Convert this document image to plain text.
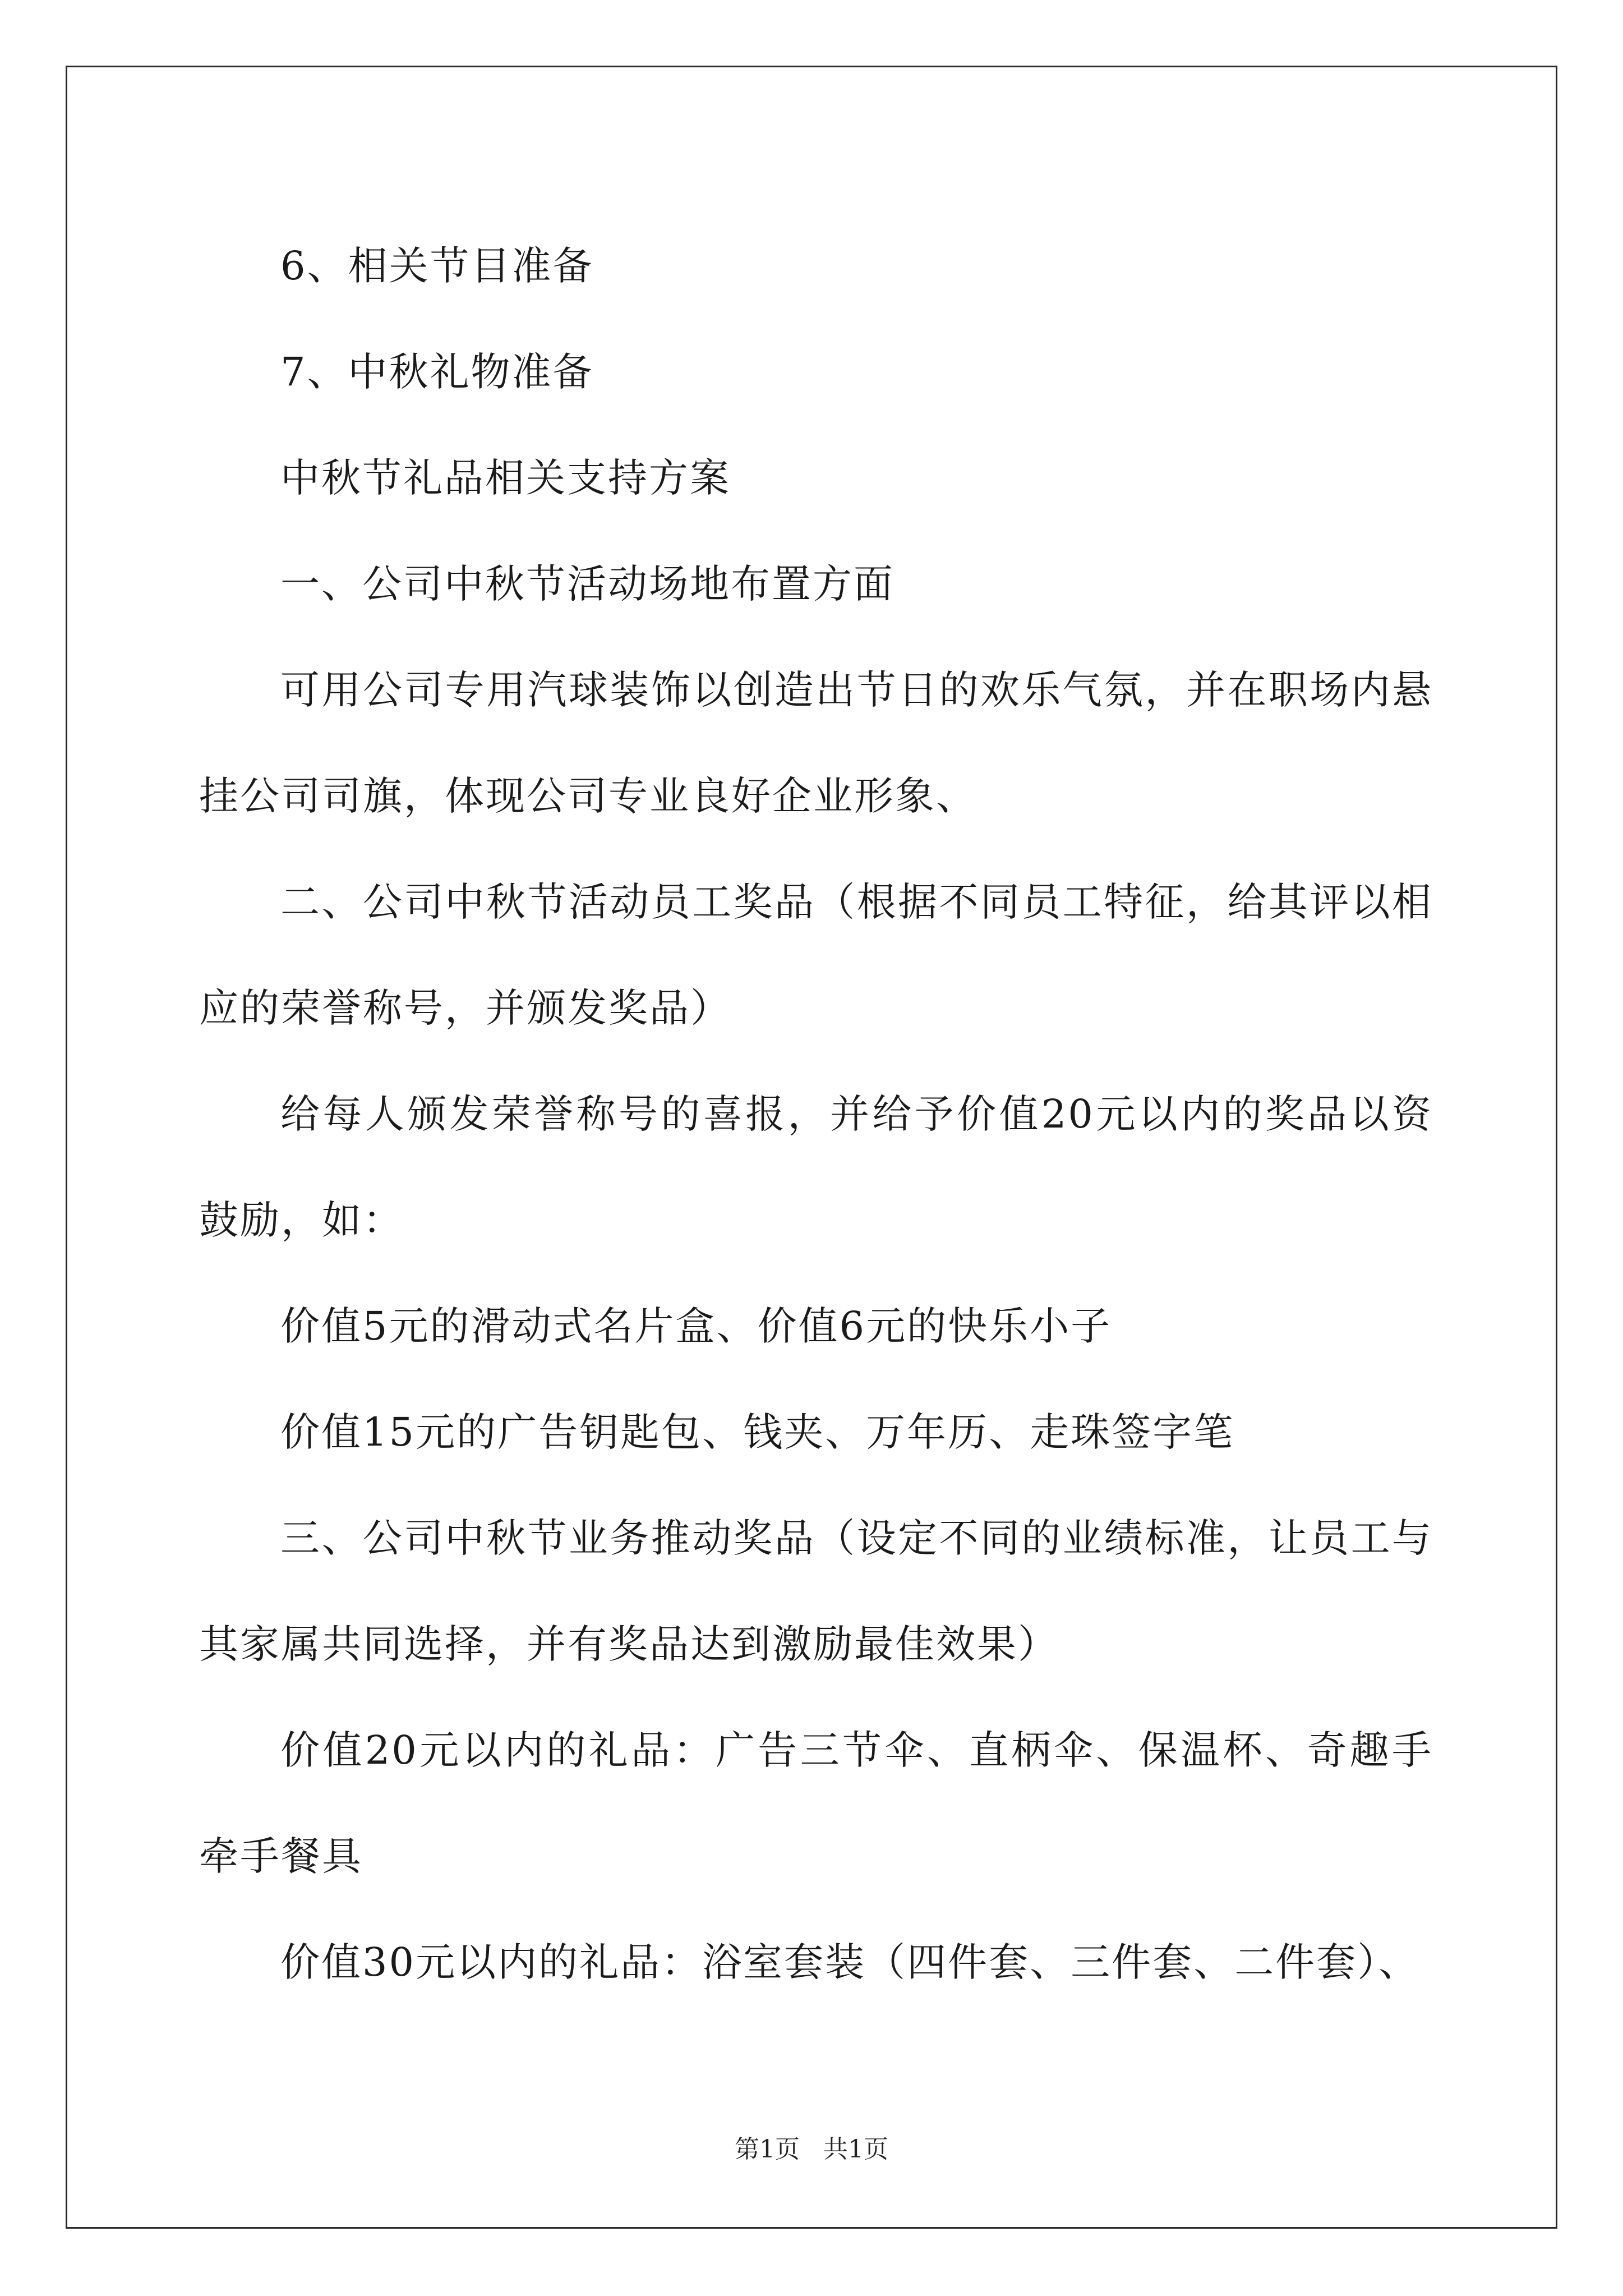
6、相关节目准备

7、中秋礼物准备

中秋节礼品相关支持方案

一、公司中秋节活动场地布置方面

可用公司专用汽球装饰以创造出节日的欢乐气氛，并在职场内悬挂公司司旗，体现公司专业良好企业形象、

二、公司中秋节活动员工奖品（根据不同员工特征，给其评以相应的荣誉称号，并颁发奖品）

给每人颁发荣誉称号的喜报，并给予价值20元以内的奖品以资鼓励，如：

价值5元的滑动式名片盒、价值6元的快乐小子

价值15元的广告钥匙包、钱夹、万年历、走珠签字笔

三、公司中秋节业务推动奖品（设定不同的业绩标准，让员工与其家属共同选择，并有奖品达到激励最佳效果）

价值20元以内的礼品：广告三节伞、直柄伞、保温杯、奇趣手牵手餐具

价值30元以内的礼品：浴室套装（四件套、三件套、二件套）、

第1页 共1页
